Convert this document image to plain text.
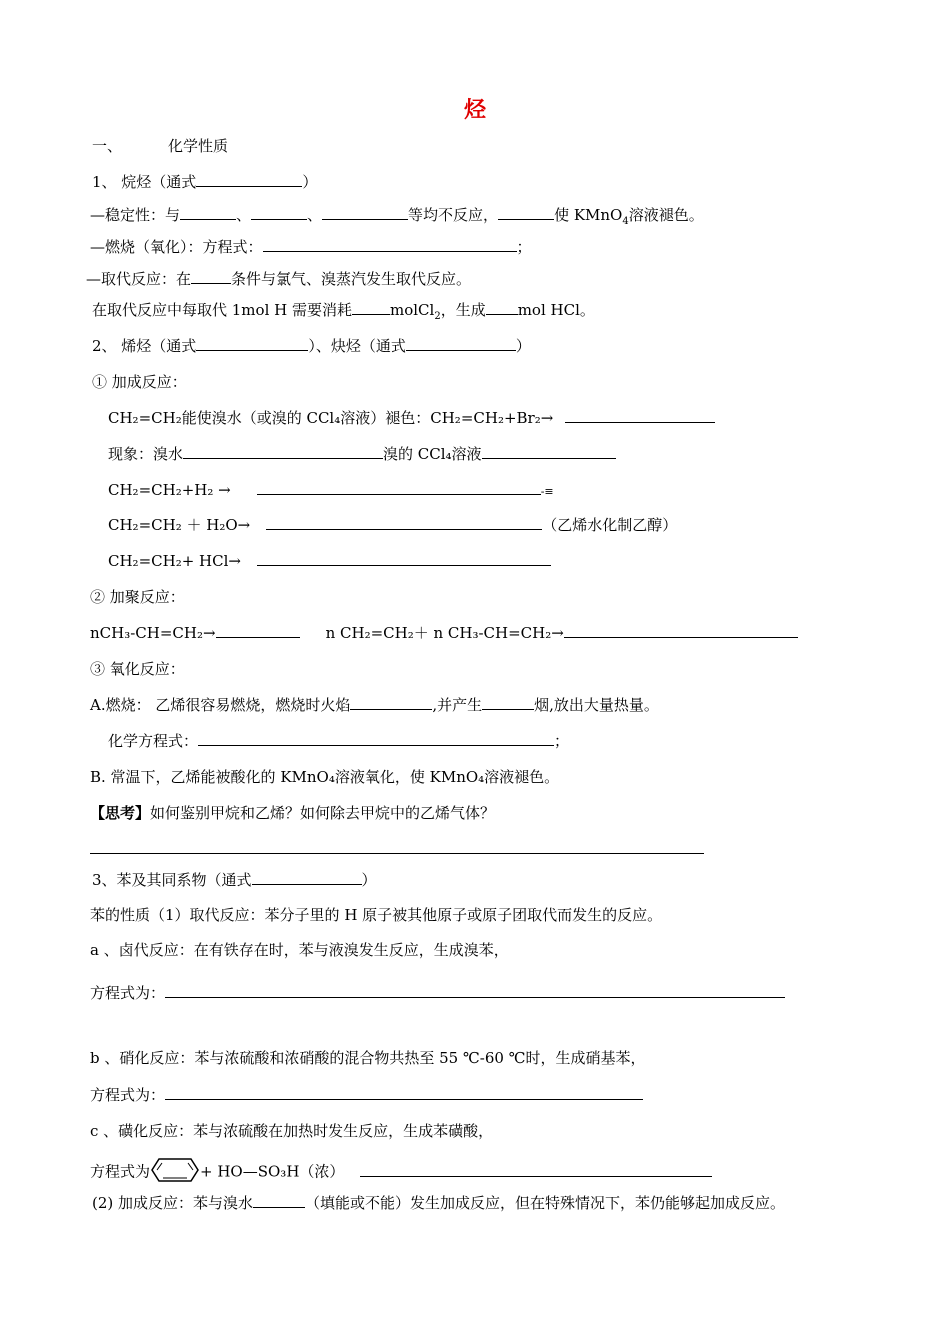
烃
一、	化学性质
1、 烷烃（通式	）
—稳定性：与	、	、	等均不反应，	使 KMnO$_4$溶液褪色。
—燃烧（氧化）：方程式：	；
—取代反应：在	条件与氯气、溴蒸汽发生取代反应。
在取代反应中每取代 1mol H 需要消耗	molCl$_2$，生成 mol HCl。
2、 烯烃（通式	）、炔烃（通式	）
① 加成反应：
CH₂=CH₂能使溴水（或溴的 CCl₄溶液）褪色：CH₂=CH₂+Br₂→
现象：溴水	溴的 CCl₄溶液
CH₂=CH₂+H₂ →	-≡
CH₂=CH₂ ＋ H₂O→	（乙烯水化制乙醇）
CH₂=CH₂+ HCl→
② 加聚反应：
nCH₃-CH=CH₂→	n CH₂=CH₂＋ n CH₃-CH=CH₂→
③ 氧化反应：
A.燃烧： 乙烯很容易燃烧，燃烧时火焰	,并产生	烟,放出大量热量。
化学方程式：	；
B. 常温下，乙烯能被酸化的 KMnO₄溶液氧化，使 KMnO₄溶液褪色。
【思考】如何鉴别甲烷和乙烯？如何除去甲烷中的乙烯气体？
3、苯及其同系物（通式	）
苯的性质（1）取代反应：苯分子里的 H 原子被其他原子或原子团取代而发生的反应。
a 、卤代反应：在有铁存在时，苯与液溴发生反应，生成溴苯，
方程式为：
b 、硝化反应：苯与浓硫酸和浓硝酸的混合物共热至 55 ℃-60 ℃时，生成硝基苯，
方程式为：
c 、磺化反应：苯与浓硫酸在加热时发生反应，生成苯磺酸，
方程式为	+ HO—SO₃H（浓）
(2) 加成反应：苯与溴水	（填能或不能）发生加成反应，但在特殊情况下，苯仍能够起加成反应。
